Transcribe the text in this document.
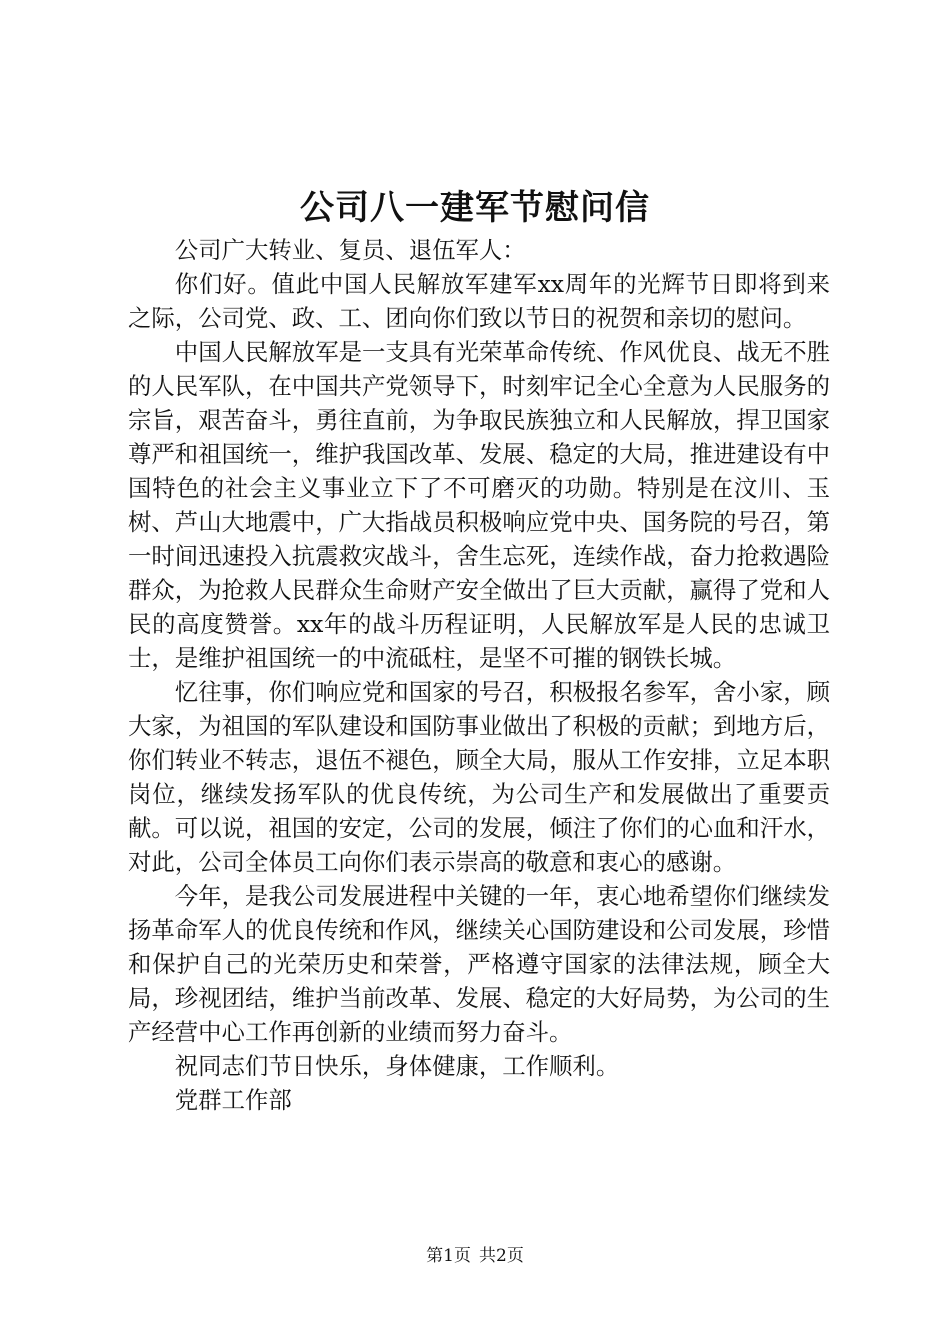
公司八一建军节慰问信

公司广大转业、复员、退伍军人：

你们好。值此中国人民解放军建军xx周年的光辉节日即将到来之际，公司党、政、工、团向你们致以节日的祝贺和亲切的慰问。

中国人民解放军是一支具有光荣革命传统、作风优良、战无不胜的人民军队，在中国共产党领导下，时刻牢记全心全意为人民服务的宗旨，艰苦奋斗，勇往直前，为争取民族独立和人民解放，捍卫国家尊严和祖国统一，维护我国改革、发展、稳定的大局，推进建设有中国特色的社会主义事业立下了不可磨灭的功勋。特别是在汶川、玉树、芦山大地震中，广大指战员积极响应党中央、国务院的号召，第一时间迅速投入抗震救灾战斗，舍生忘死，连续作战，奋力抢救遇险群众，为抢救人民群众生命财产安全做出了巨大贡献，赢得了党和人民的高度赞誉。xx年的战斗历程证明，人民解放军是人民的忠诚卫士，是维护祖国统一的中流砥柱，是坚不可摧的钢铁长城。

忆往事，你们响应党和国家的号召，积极报名参军，舍小家，顾大家，为祖国的军队建设和国防事业做出了积极的贡献；到地方后，你们转业不转志，退伍不褪色，顾全大局，服从工作安排，立足本职岗位，继续发扬军队的优良传统，为公司生产和发展做出了重要贡献。可以说，祖国的安定，公司的发展，倾注了你们的心血和汗水，对此，公司全体员工向你们表示崇高的敬意和衷心的感谢。

今年，是我公司发展进程中关键的一年，衷心地希望你们继续发扬革命军人的优良传统和作风，继续关心国防建设和公司发展，珍惜和保护自己的光荣历史和荣誉，严格遵守国家的法律法规，顾全大局，珍视团结，维护当前改革、发展、稳定的大好局势，为公司的生产经营中心工作再创新的业绩而努力奋斗。

祝同志们节日快乐，身体健康，工作顺利。

党群工作部

第1页 共2页
